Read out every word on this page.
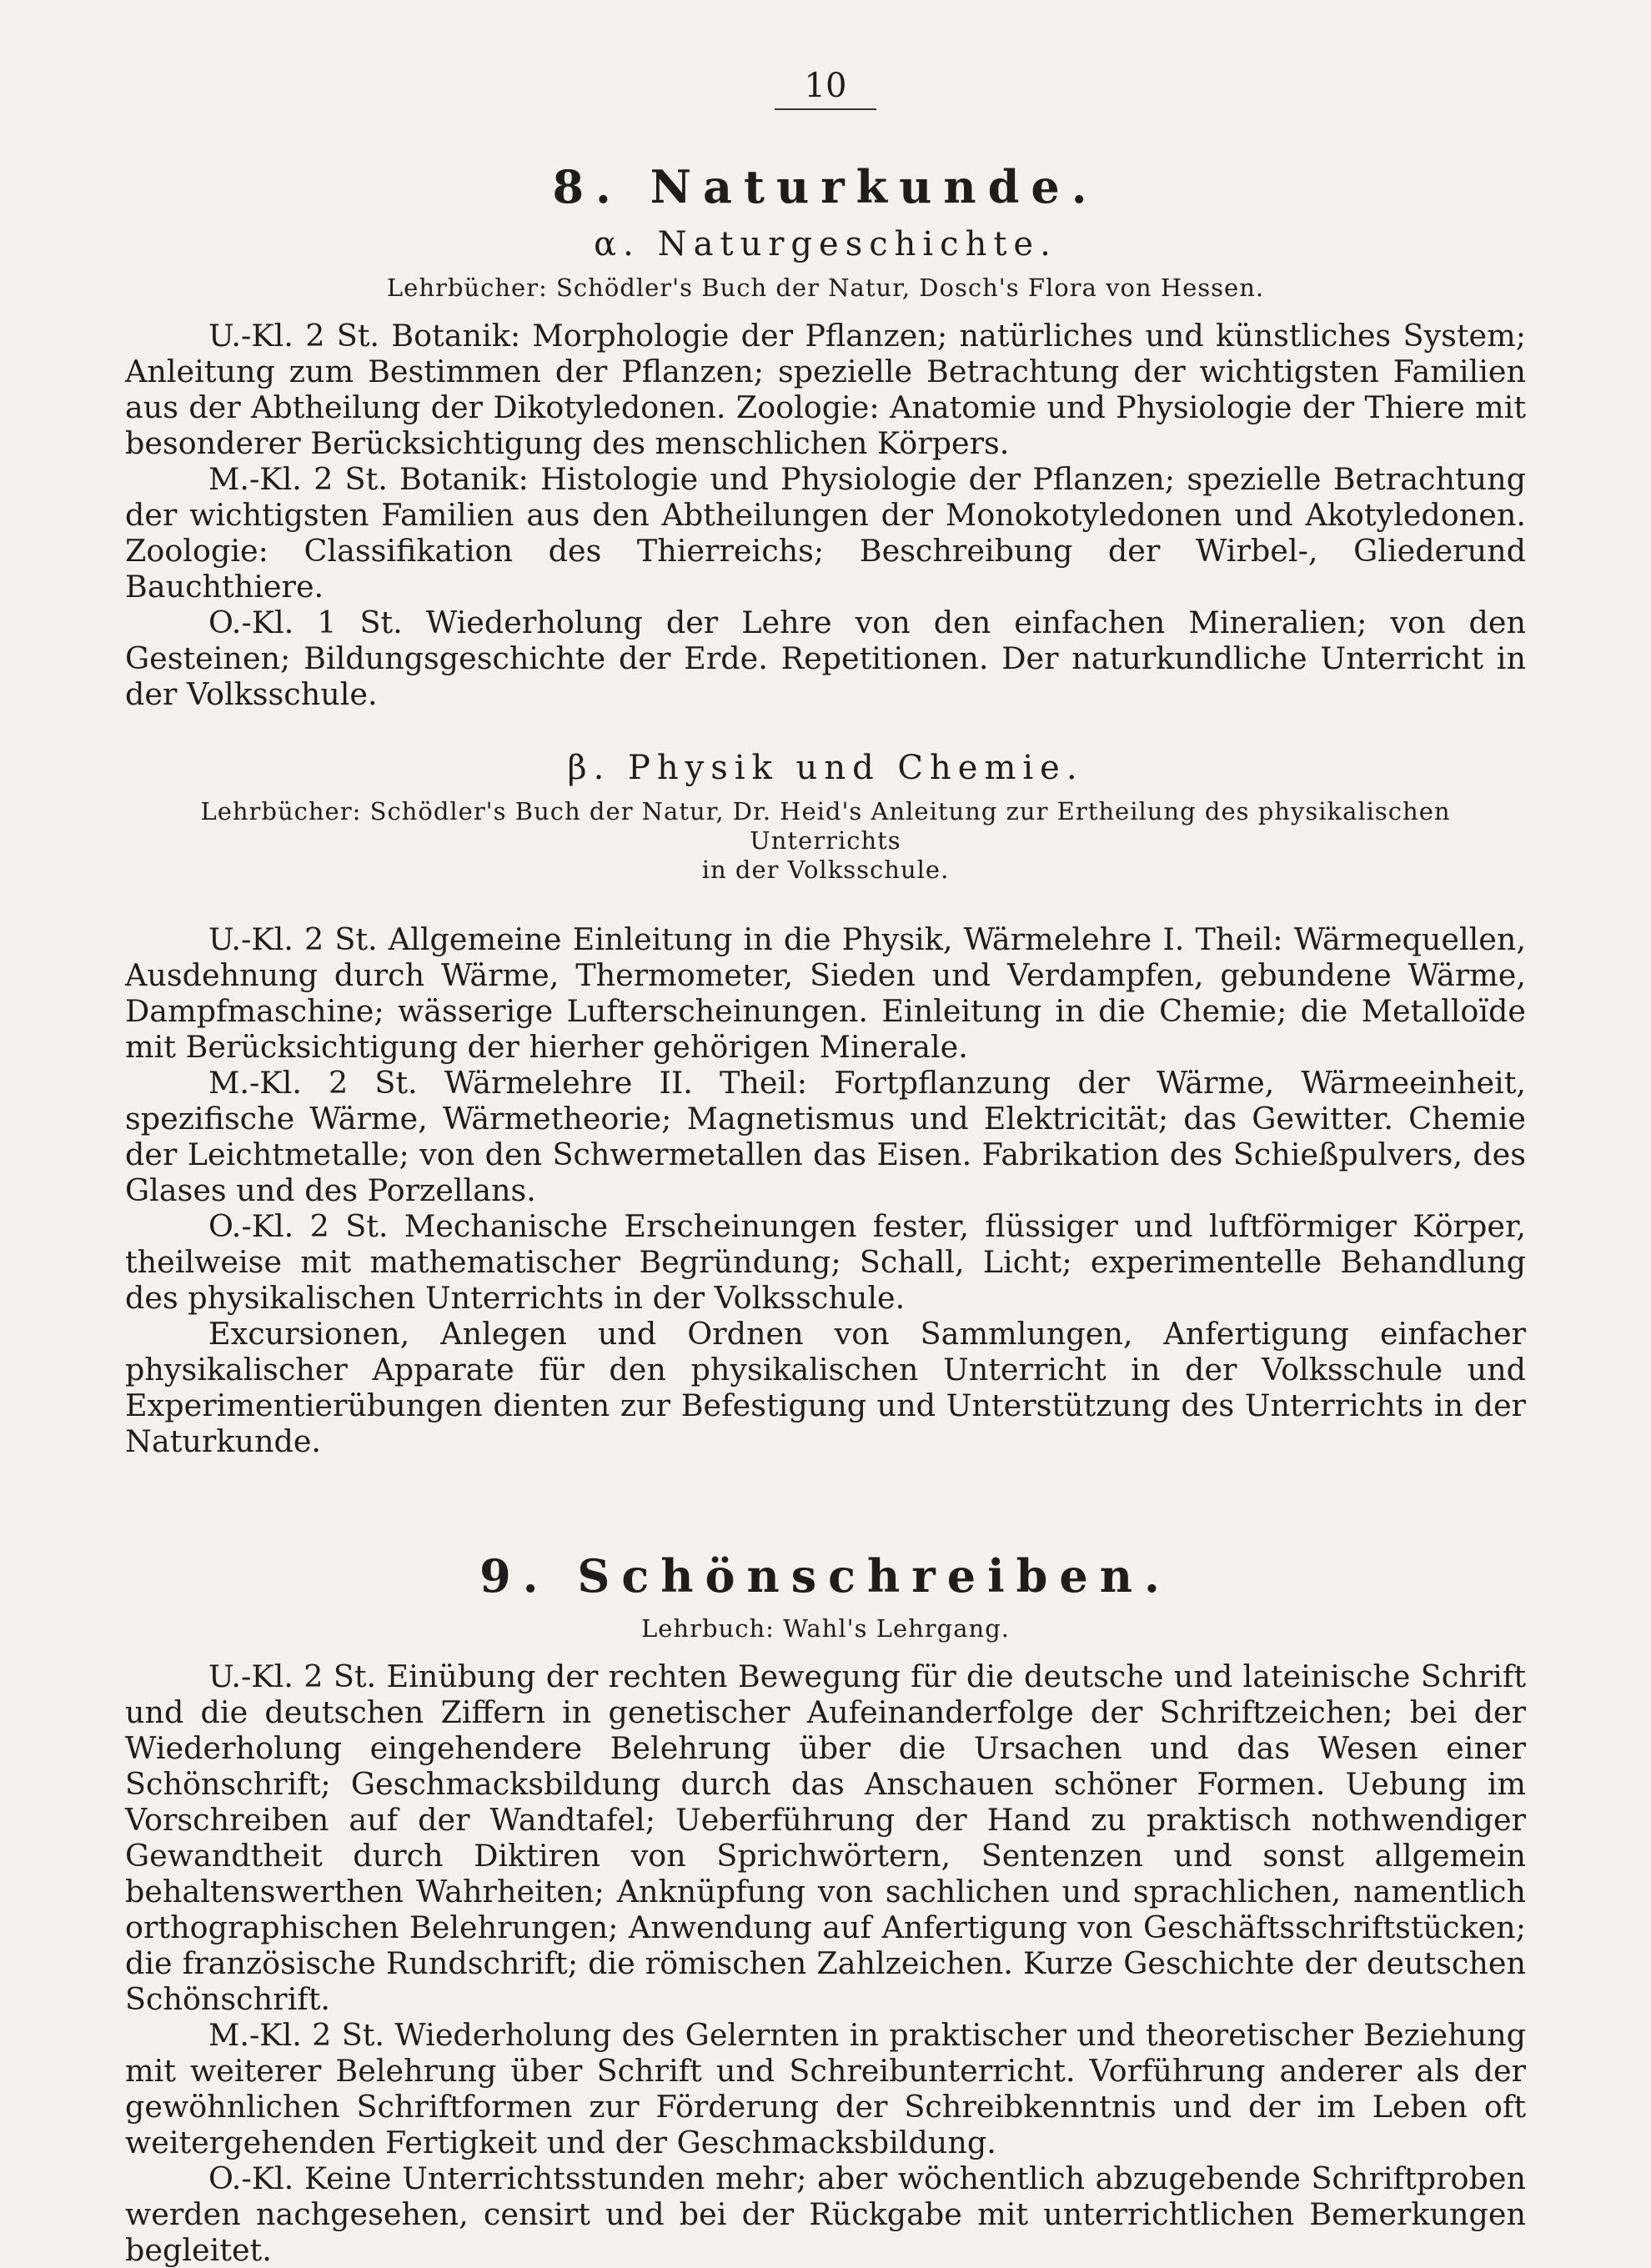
10
8. Naturkunde.
α. Naturgeschichte.
Lehrbücher: Schödler's Buch der Natur, Dosch's Flora von Hessen.

U.-Kl. 2 St. Botanik: Morphologie der Pflanzen; natürliches und künstliches System; Anleitung zum Bestimmen der Pflanzen; spezielle Betrachtung der wichtigsten Familien aus der Abtheilung der Dikotyledonen. Zoologie: Anatomie und Physiologie der Thiere mit besonderer Berücksichtigung des menschlichen Körpers.

M.-Kl. 2 St. Botanik: Histologie und Physiologie der Pflanzen; spezielle Betrachtung der wichtigsten Familien aus den Abtheilungen der Monokotyledonen und Akotyledonen. Zoologie: Classifikation des Thierreichs; Beschreibung der Wirbel-, Gliederund Bauchthiere.

O.-Kl. 1 St. Wiederholung der Lehre von den einfachen Mineralien; von den Gesteinen; Bildungsgeschichte der Erde. Repetitionen. Der naturkundliche Unterricht in der Volksschule.

β. Physik und Chemie.
Lehrbücher: Schödler's Buch der Natur, Dr. Heid's Anleitung zur Ertheilung des physikalischen Unterrichts
in der Volksschule.

U.-Kl. 2 St. Allgemeine Einleitung in die Physik, Wärmelehre I. Theil: Wärmequellen, Ausdehnung durch Wärme, Thermometer, Sieden und Verdampfen, gebundene Wärme, Dampfmaschine; wässerige Lufterscheinungen. Einleitung in die Chemie; die Metalloïde mit Berücksichtigung der hierher gehörigen Minerale.

M.-Kl. 2 St. Wärmelehre II. Theil: Fortpflanzung der Wärme, Wärmeeinheit, spezifische Wärme, Wärmetheorie; Magnetismus und Elektricität; das Gewitter. Chemie der Leichtmetalle; von den Schwermetallen das Eisen. Fabrikation des Schießpulvers, des Glases und des Porzellans.

O.-Kl. 2 St. Mechanische Erscheinungen fester, flüssiger und luftförmiger Körper, theilweise mit mathematischer Begründung; Schall, Licht; experimentelle Behandlung des physikalischen Unterrichts in der Volksschule.

Excursionen, Anlegen und Ordnen von Sammlungen, Anfertigung einfacher physikalischer Apparate für den physikalischen Unterricht in der Volksschule und Experimentierübungen dienten zur Befestigung und Unterstützung des Unterrichts in der Naturkunde.

9. Schönschreiben.
Lehrbuch: Wahl's Lehrgang.

U.-Kl. 2 St. Einübung der rechten Bewegung für die deutsche und lateinische Schrift und die deutschen Ziffern in genetischer Aufeinanderfolge der Schriftzeichen; bei der Wiederholung eingehendere Belehrung über die Ursachen und das Wesen einer Schönschrift; Geschmacksbildung durch das Anschauen schöner Formen. Uebung im Vorschreiben auf der Wandtafel; Ueberführung der Hand zu praktisch nothwendiger Gewandtheit durch Diktiren von Sprichwörtern, Sentenzen und sonst allgemein behaltenswerthen Wahrheiten; Anknüpfung von sachlichen und sprachlichen, namentlich orthographischen Belehrungen; Anwendung auf Anfertigung von Geschäftsschriftstücken; die französische Rundschrift; die römischen Zahlzeichen. Kurze Geschichte der deutschen Schönschrift.

M.-Kl. 2 St. Wiederholung des Gelernten in praktischer und theoretischer Beziehung mit weiterer Belehrung über Schrift und Schreibunterricht. Vorführung anderer als der gewöhnlichen Schriftformen zur Förderung der Schreibkenntnis und der im Leben oft weitergehenden Fertigkeit und der Geschmacksbildung.

O.-Kl. Keine Unterrichtsstunden mehr; aber wöchentlich abzugebende Schriftproben werden nachgesehen, censirt und bei der Rückgabe mit unterrichtlichen Bemerkungen begleitet.
